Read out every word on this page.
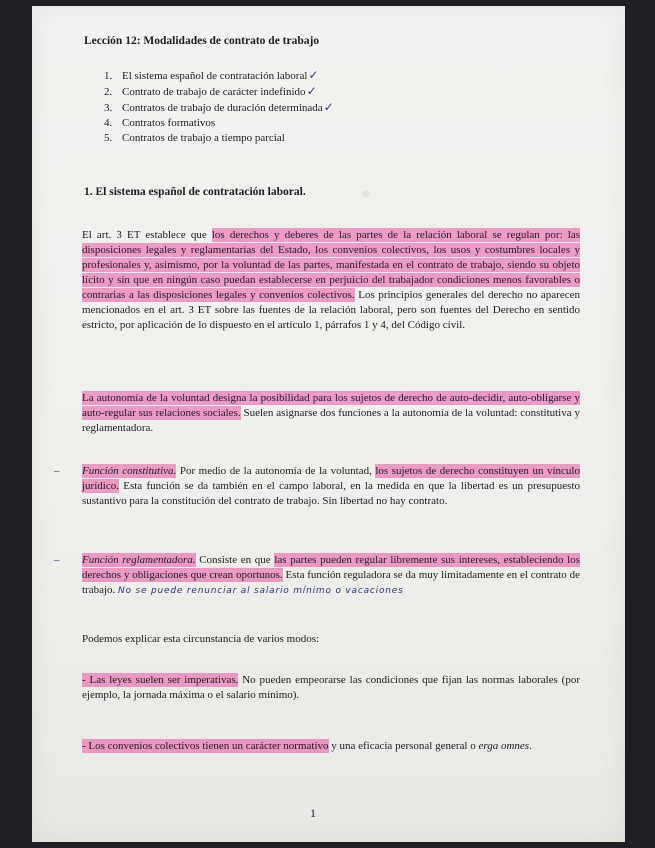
Lección 12: Modalidades de contrato de trabajo
1. El sistema español de contratación laboral✓
2. Contrato de trabajo de carácter indefinido✓
3. Contratos de trabajo de duración determinada✓
4. Contratos formativos
5. Contratos de trabajo a tiempo parcial
1. El sistema español de contratación laboral.

El art. 3 ET establece que los derechos y deberes de las partes de la relación laboral se regulan por: las disposiciones legales y reglamentarias del Estado, los convenios colectivos, los usos y costumbres locales y profesionales y, asimismo, por la voluntad de las partes, manifestada en el contrato de trabajo, siendo su objeto lícito y sin que en ningún caso puedan establecerse en perjuicio del trabajador condiciones menos favorables o contrarias a las disposiciones legales y convenios colectivos. Los principios generales del derecho no aparecen mencionados en el art. 3 ET sobre las fuentes de la relación laboral, pero son fuentes del Derecho en sentido estricto, por aplicación de lo dispuesto en el artículo 1, párrafos 1 y 4, del Código civil.

La autonomía de la voluntad designa la posibilidad para los sujetos de derecho de auto-decidir, auto-obligarse y auto-regular sus relaciones sociales. Suelen asignarse dos funciones a la autonomía de la voluntad: constitutiva y reglamentadora.

– Función constitutiva. Por medio de la autonomía de la voluntad, los sujetos de derecho constituyen un vínculo jurídico. Esta función se da también en el campo laboral, en la medida en que la libertad es un presupuesto sustantivo para la constitución del contrato de trabajo. Sin libertad no hay contrato.

– Función reglamentadora. Consiste en que las partes pueden regular libremente sus intereses, estableciendo los derechos y obligaciones que crean oportunos. Esta función reguladora se da muy limitadamente en el contrato de trabajo. No se puede renunciar al salario mínimo o vacaciones

Podemos explicar esta circunstancia de varios modos:

- Las leyes suelen ser imperativas. No pueden empeorarse las condiciones que fijan las normas laborales (por ejemplo, la jornada máxima o el salario mínimo).

- Los convenios colectivos tienen un carácter normativo y una eficacia personal general o erga omnes.

1
